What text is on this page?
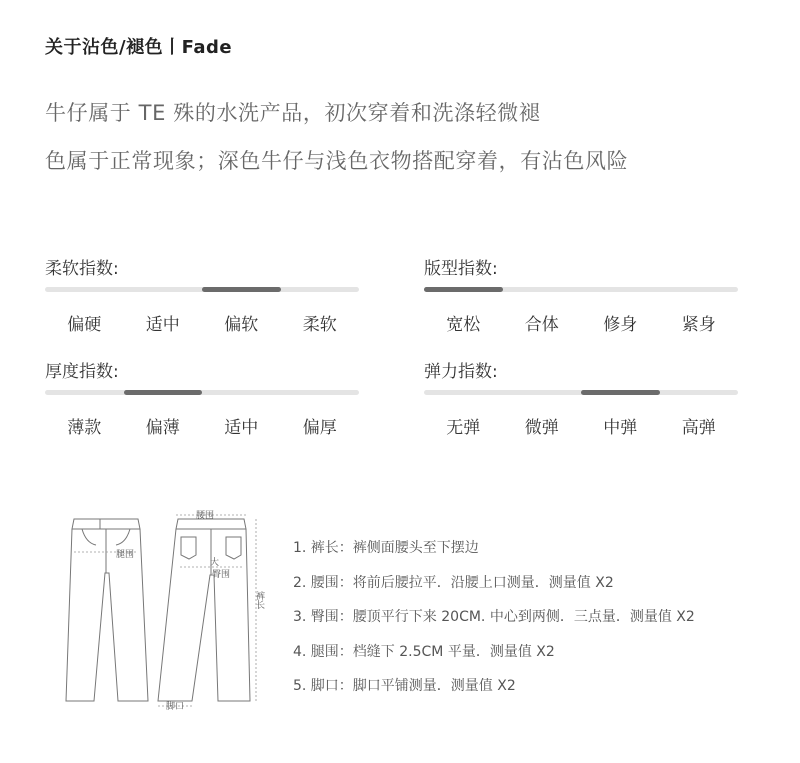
关于沾色/褪色丨Fade
牛仔属于 TE 殊的水洗产品，初次穿着和洗涤轻微褪
色属于正常现象；深色牛仔与浅色衣物搭配穿着，有沾色风险
柔软指数:
偏硬	适中	偏软	柔软
版型指数:
宽松	合体	修身	紧身
厚度指数:
薄款	偏薄	适中	偏厚
弹力指数:
无弹	微弹	中弹	高弹
腰围
腿围
大
臀围
裤长
脚口
1. 裤长：裤侧面腰头至下摆边
2. 腰围：将前后腰拉平．沿腰上口测量．测量值 X2
3. 臀围：腰顶平行下来 20CM. 中心到两侧．三点量．测量值 X2
4. 腿围：档缝下 2.5CM 平量．测量值 X2
5. 脚口：脚口平铺测量．测量值 X2
